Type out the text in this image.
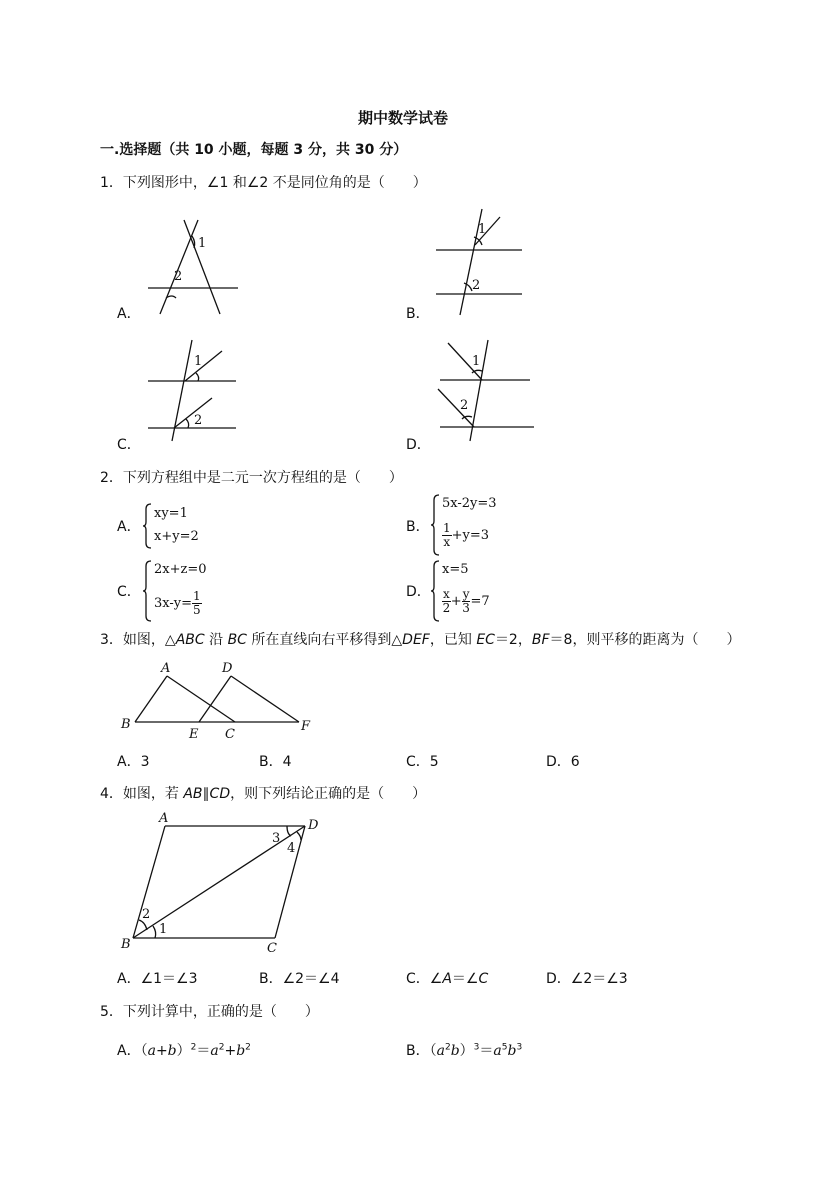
期中数学试卷
一.选择题（共 10 小题，每题 3 分，共 30 分）
1．下列图形中，∠1 和∠2 不是同位角的是（　　）
A．
1
2
B．
1
2
C．
1
2
D．
1
2
2．下列方程组中是二元一次方程组的是（　　）
A．
xy=1
x+y=2
B．
5x-2y=3
$\frac{1}{x} +y=3$
C．
2x+z=0
$3x-y= \frac{1}{5}$	D．
x=5
$\frac{x}{2} + \frac{y}{3} =7$
3．如图，△ABC 沿 BC 所在直线向右平移得到△DEF，已知 EC＝2，BF＝8，则平移的距离为（　　）
A	D
B
E C
F
A．3	B．4	C．5	D．6
4．如图，若 AB∥CD，则下列结论正确的是（　　）
A	D
B	C
1
2
3
4
A．∠1＝∠3	B．∠2＝∠4	C．∠A＝∠C	D．∠2＝∠3
5．下列计算中，正确的是（　　）
A．$(a+b)^2=a^2+b^2$	B．$(a^2b)^3=a^5b^3$
